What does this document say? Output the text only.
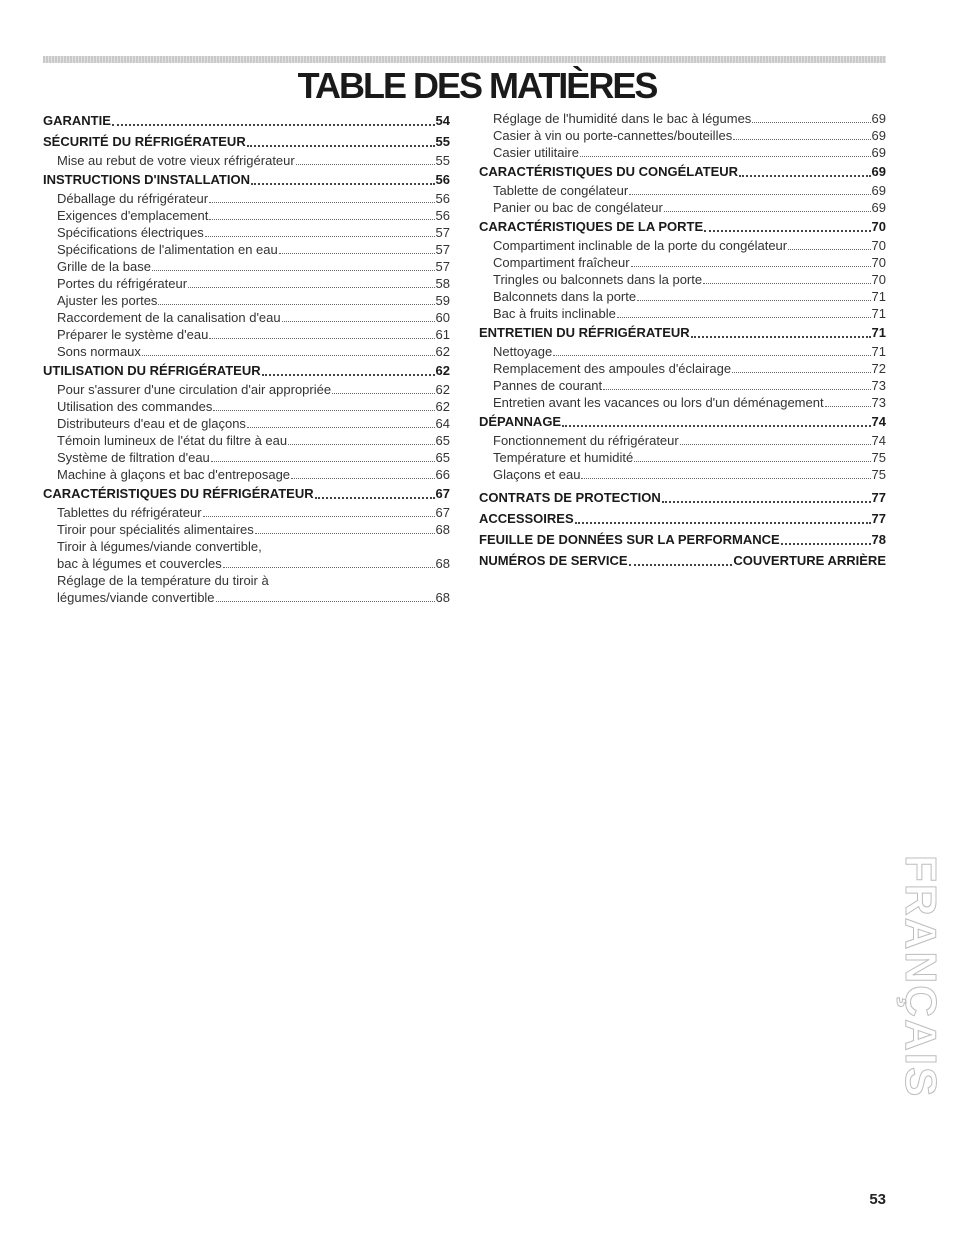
TABLE DES MATIÈRES
GARANTIE	54
SÉCURITÉ DU RÉFRIGÉRATEUR	55
Mise au rebut de votre vieux réfrigérateur	55
INSTRUCTIONS D'INSTALLATION	56
Déballage du réfrigérateur	56
Exigences d'emplacement	56
Spécifications électriques	57
Spécifications de l'alimentation en eau	57
Grille de la base	57
Portes du réfrigérateur	58
Ajuster les portes	59
Raccordement de la canalisation d'eau	60
Préparer le système d'eau	61
Sons normaux	62
UTILISATION DU RÉFRIGÉRATEUR	62
Pour s'assurer d'une circulation d'air appropriée	62
Utilisation des commandes	62
Distributeurs d'eau et de glaçons	64
Témoin lumineux de l'état du filtre à eau	65
Système de filtration d'eau	65
Machine à glaçons et bac d'entreposage	66
CARACTÉRISTIQUES DU RÉFRIGÉRATEUR	67
Tablettes du réfrigérateur	67
Tiroir pour spécialités alimentaires	68
Tiroir à légumes/viande convertible,
bac à légumes et couvercles	68
Réglage de la température du tiroir à
légumes/viande convertible	68
Réglage de l'humidité dans le bac à légumes	69
Casier à vin ou porte-cannettes/bouteilles	69
Casier utilitaire	69
CARACTÉRISTIQUES DU CONGÉLATEUR	69
Tablette de congélateur	69
Panier ou bac de congélateur	69
CARACTÉRISTIQUES DE LA PORTE	70
Compartiment inclinable de la porte du congélateur	70
Compartiment fraîcheur	70
Tringles ou balconnets dans la porte	70
Balconnets dans la porte	71
Bac à fruits inclinable	71
ENTRETIEN DU RÉFRIGÉRATEUR	71
Nettoyage	71
Remplacement des ampoules d'éclairage	72
Pannes de courant	73
Entretien avant les vacances ou lors d'un déménagement	73
DÉPANNAGE	74
Fonctionnement du réfrigérateur	74
Température et humidité	75
Glaçons et eau	75
CONTRATS DE PROTECTION	77
ACCESSOIRES	77
FEUILLE DE DONNÉES SUR LA PERFORMANCE	78
NUMÉROS DE SERVICE	COUVERTURE ARRIÈRE
FRANÇAIS
53
